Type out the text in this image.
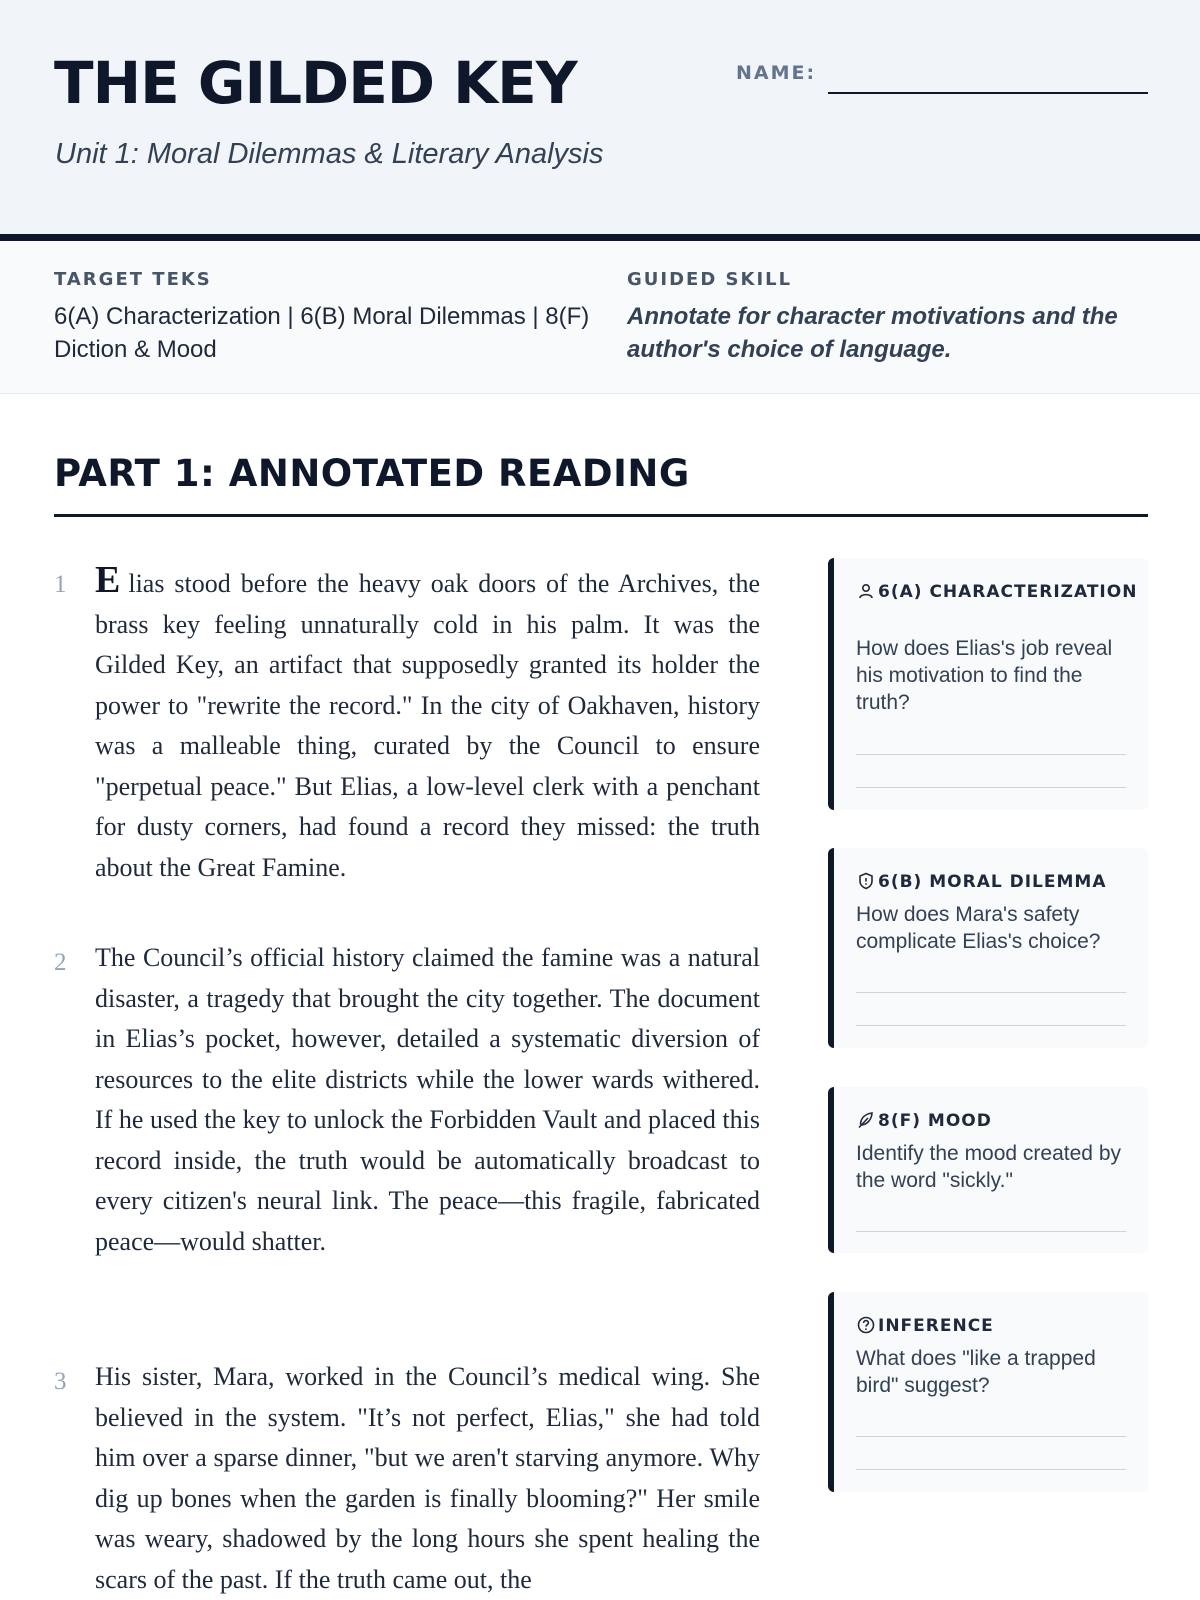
THE GILDED KEY
Unit 1: Moral Dilemmas & Literary Analysis
NAME:
TARGET TEKS
6(A) Characterization | 6(B) Moral Dilemmas | 8(F) Diction & Mood
GUIDED SKILL
Annotate for character motivations and the author's choice of language.
PART 1: ANNOTATED READING
1 E lias stood before the heavy oak doors of the Archives, the brass key feeling unnaturally cold in his palm. It was the Gilded Key, an artifact that supposedly granted its holder the power to "rewrite the record." In the city of Oakhaven, history was a malleable thing, curated by the Council to ensure "perpetual peace." But Elias, a low-level clerk with a penchant for dusty corners, had found a record they missed: the truth about the Great Famine.
2 The Council’s official history claimed the famine was a natural disaster, a tragedy that brought the city together. The document in Elias’s pocket, however, detailed a systematic diversion of resources to the elite districts while the lower wards withered. If he used the key to unlock the Forbidden Vault and placed this record inside, the truth would be automatically broadcast to every citizen's neural link. The peace—this fragile, fabricated peace—would shatter.
3 His sister, Mara, worked in the Council’s medical wing. She believed in the system. "It’s not perfect, Elias," she had told him over a sparse dinner, "but we aren't starving anymore. Why dig up bones when the garden is finally blooming?" Her smile was weary, shadowed by the long hours she spent healing the scars of the past. If the truth came out, the
6(A) CHARACTERIZATION
How does Elias's job reveal his motivation to find the truth?
6(B) MORAL DILEMMA
How does Mara's safety complicate Elias's choice?
8(F) MOOD
Identify the mood created by the word "sickly."
INFERENCE
What does "like a trapped bird" suggest?
